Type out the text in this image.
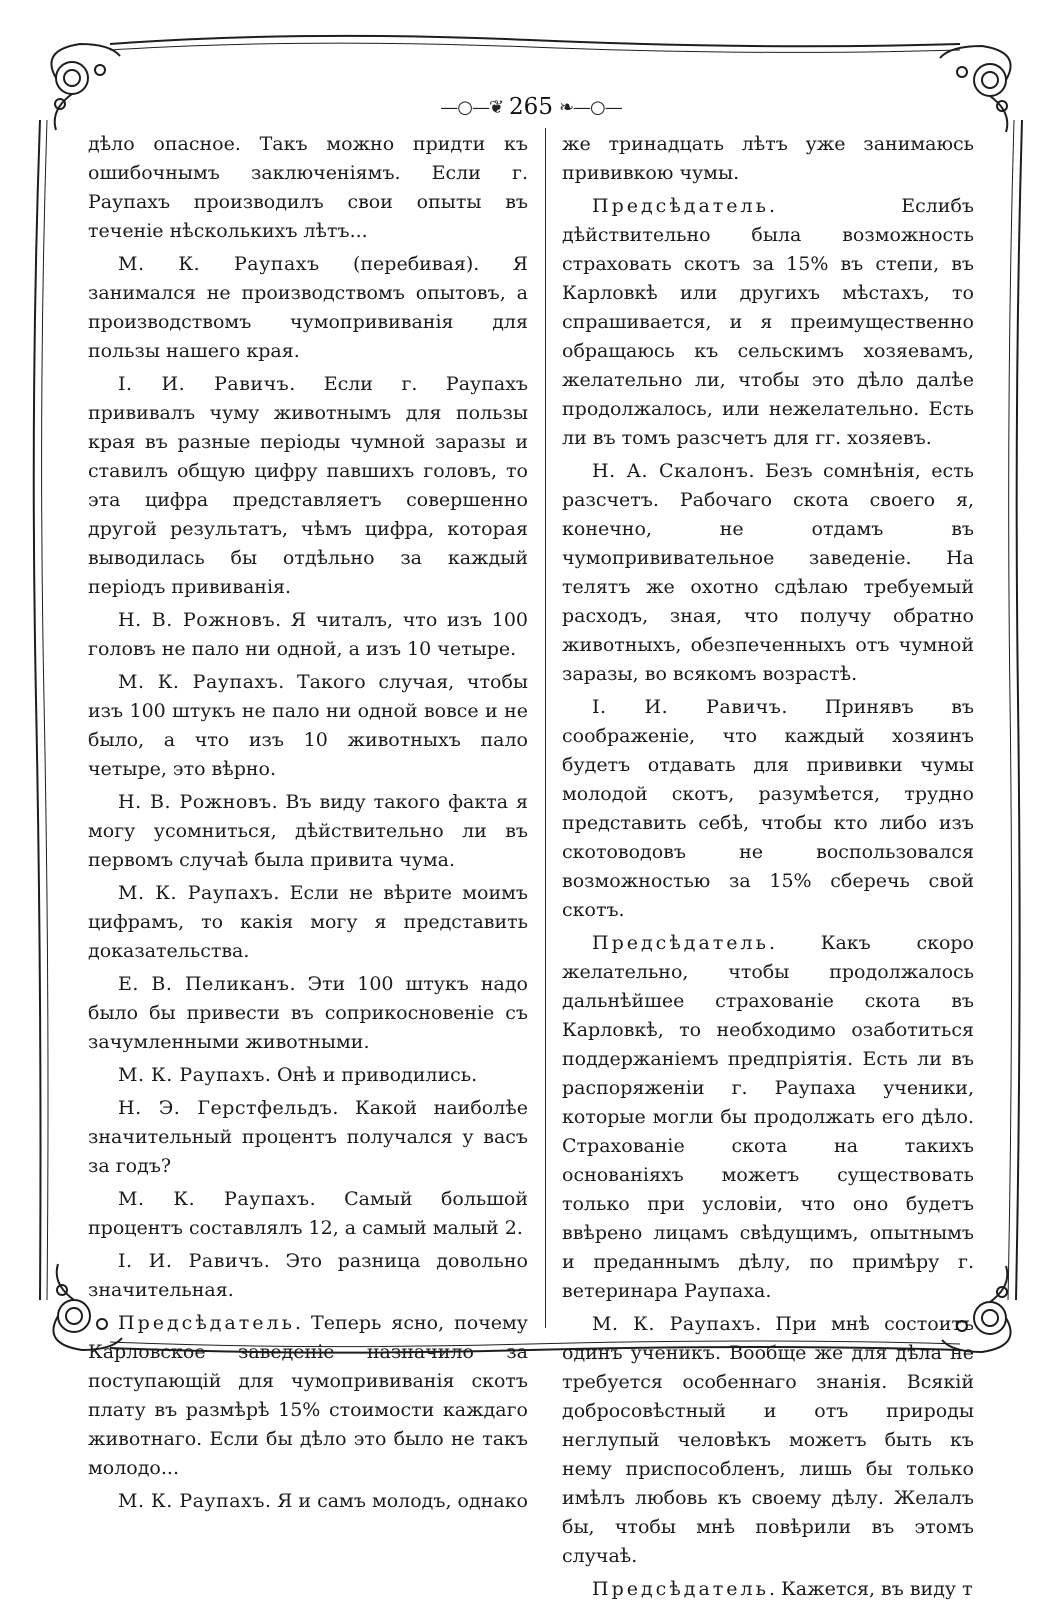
—○—❦ 265 ❧—○—

дѣло опасное. Такъ можно придти къ ошибочнымъ заключеніямъ. Если г. Раупахъ производилъ свои опыты въ теченіе нѣсколькихъ лѣтъ...

М. К. Раупахъ (перебивая). Я занимался не производствомъ опытовъ, а производствомъ чумопрививанія для пользы нашего края.

І. И. Равичъ. Если г. Раупахъ прививалъ чуму животнымъ для пользы края въ разные періоды чумной заразы и ставилъ общую цифру павшихъ головъ, то эта цифра представляетъ совершенно другой результатъ, чѣмъ цифра, которая выводилась бы отдѣльно за каждый періодъ прививанія.

Н. В. Рожновъ. Я читалъ, что изъ 100 головъ не пало ни одной, а изъ 10 четыре.

М. К. Раупахъ. Такого случая, чтобы изъ 100 штукъ не пало ни одной вовсе и не было, а что изъ 10 животныхъ пало четыре, это вѣрно.

Н. В. Рожновъ. Въ виду такого факта я могу усомниться, дѣйствительно ли въ первомъ случаѣ была привита чума.

М. К. Раупахъ. Если не вѣрите моимъ цифрамъ, то какія могу я представить доказательства.

Е. В. Пеликанъ. Эти 100 штукъ надо было бы привести въ соприкосновеніе съ зачумленными животными.

М. К. Раупахъ. Онѣ и приводились.

Н. Э. Герстфельдъ. Какой наиболѣе значительный процентъ получался у васъ за годъ?

М. К. Раупахъ. Самый большой процентъ составлялъ 12, а самый малый 2.

І. И. Равичъ. Это разница довольно значительная.

Предсѣдатель. Теперь ясно, почему Карловское заведеніе назначило за поступающій для чумопрививанія скотъ плату въ размѣрѣ 15% стоимости каждаго животнаго. Если бы дѣло это было не такъ молодо...

М. К. Раупахъ. Я и самъ молодъ, однако

же тринадцать лѣтъ уже занимаюсь прививкою чумы.

Предсѣдатель. Еслибъ дѣйствительно была возможность страховать скотъ за 15% въ степи, въ Карловкѣ или другихъ мѣстахъ, то спрашивается, и я преимущественно обращаюсь къ сельскимъ хозяевамъ, желательно ли, чтобы это дѣло далѣе продолжалось, или нежелательно. Есть ли въ томъ разсчетъ для гг. хозяевъ.

Н. А. Скалонъ. Безъ сомнѣнія, есть разсчетъ. Рабочаго скота своего я, конечно, не отдамъ въ чумопрививательное заведеніе. На телятъ же охотно сдѣлаю требуемый расходъ, зная, что получу обратно животныхъ, обезпеченныхъ отъ чумной заразы, во всякомъ возрастѣ.

І. И. Равичъ. Принявъ въ соображеніе, что каждый хозяинъ будетъ отдавать для прививки чумы молодой скотъ, разумѣется, трудно представить себѣ, чтобы кто либо изъ скотоводовъ не воспользовался возможностью за 15% сберечь свой скотъ.

Предсѣдатель. Какъ скоро желательно, чтобы продолжалось дальнѣйшее страхованіе скота въ Карловкѣ, то необходимо озаботиться поддержаніемъ предпріятія. Есть ли въ распоряженіи г. Раупаха ученики, которые могли бы продолжать его дѣло. Страхованіе скота на такихъ основаніяхъ можетъ существовать только при условіи, что оно будетъ ввѣрено лицамъ свѣдущимъ, опытнымъ и преданнымъ дѣлу, по примѣру г. ветеринара Раупаха.

М. К. Раупахъ. При мнѣ состоитъ одинъ ученикъ. Вообще же для дѣла не требуется особеннаго знанія. Всякій добросовѣстный и отъ природы неглупый человѣкъ можетъ быть къ нему приспособленъ, лишь бы только имѣлъ любовь къ своему дѣлу. Желалъ бы, чтобы мнѣ повѣрили въ этомъ случаѣ.

Предсѣдатель. Кажется, въ виду т
